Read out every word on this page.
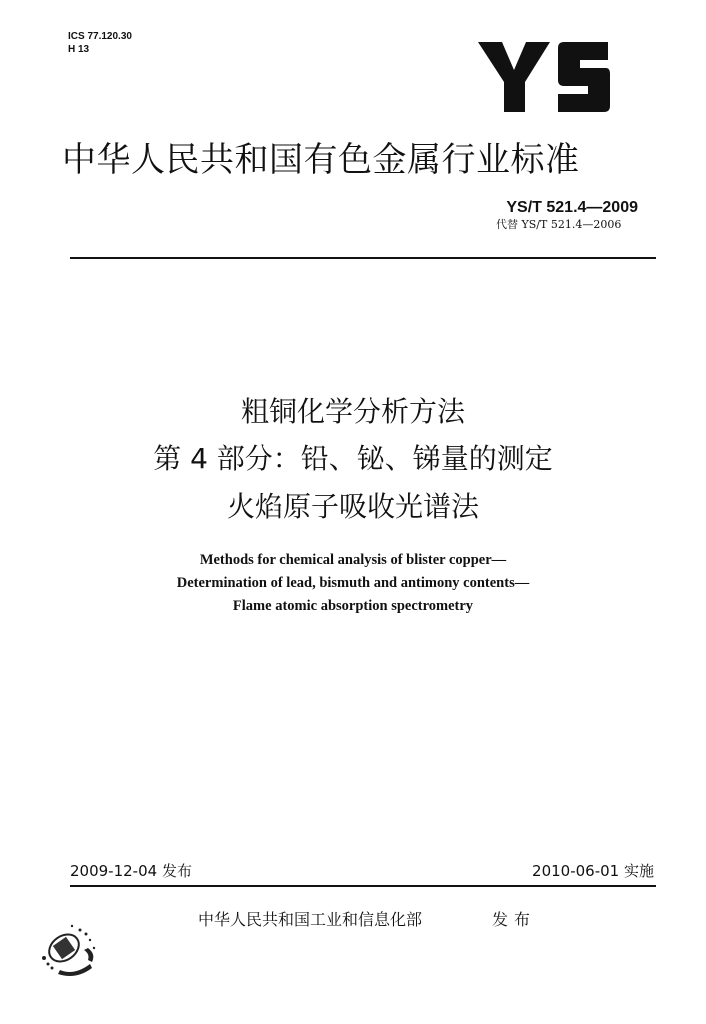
ICS 77.120.30
H 13
中华人民共和国有色金属行业标准
YS/T 521.4—2009
代替 YS/T 521.4—2006
粗铜化学分析方法
第 4 部分：铅、铋、锑量的测定
火焰原子吸收光谱法
Methods for chemical analysis of blister copper—
Determination of lead, bismuth and antimony contents—
Flame atomic absorption spectrometry
2009-12-04 发布	2010-06-01 实施
中华人民共和国工业和信息化部	发布
